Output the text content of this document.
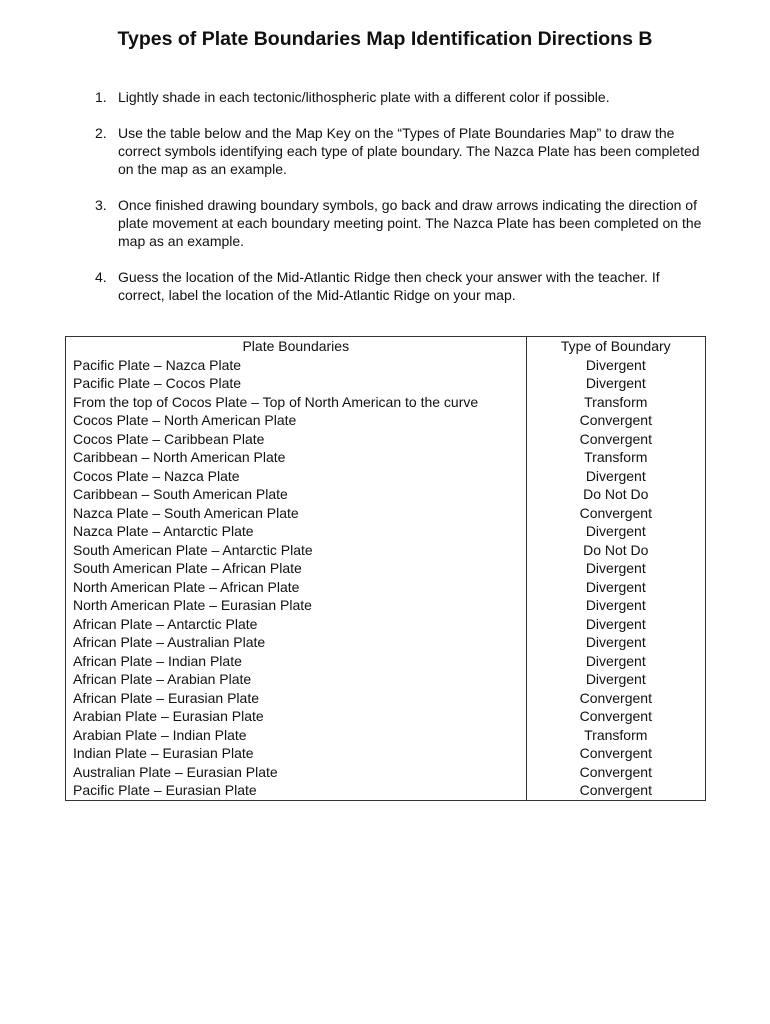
Types of Plate Boundaries Map Identification Directions B
1. Lightly shade in each tectonic/lithospheric plate with a different color if possible.
2. Use the table below and the Map Key on the “Types of Plate Boundaries Map” to draw the correct symbols identifying each type of plate boundary. The Nazca Plate has been completed on the map as an example.
3. Once finished drawing boundary symbols, go back and draw arrows indicating the direction of plate movement at each boundary meeting point. The Nazca Plate has been completed on the map as an example.
4. Guess the location of the Mid-Atlantic Ridge then check your answer with the teacher. If correct, label the location of the Mid-Atlantic Ridge on your map.
Plate Boundaries	Type of Boundary
Pacific Plate – Nazca Plate	Divergent
Pacific Plate – Cocos Plate	Divergent
From the top of Cocos Plate – Top of North American to the curve	Transform
Cocos Plate – North American Plate	Convergent
Cocos Plate – Caribbean Plate	Convergent
Caribbean – North American Plate	Transform
Cocos Plate – Nazca Plate	Divergent
Caribbean – South American Plate	Do Not Do
Nazca Plate – South American Plate	Convergent
Nazca Plate – Antarctic Plate	Divergent
South American Plate – Antarctic Plate	Do Not Do
South American Plate – African Plate	Divergent
North American Plate – African Plate	Divergent
North American Plate – Eurasian Plate	Divergent
African Plate – Antarctic Plate	Divergent
African Plate – Australian Plate	Divergent
African Plate – Indian Plate	Divergent
African Plate – Arabian Plate	Divergent
African Plate – Eurasian Plate	Convergent
Arabian Plate – Eurasian Plate	Convergent
Arabian Plate – Indian Plate	Transform
Indian Plate – Eurasian Plate	Convergent
Australian Plate – Eurasian Plate	Convergent
Pacific Plate – Eurasian Plate	Convergent
